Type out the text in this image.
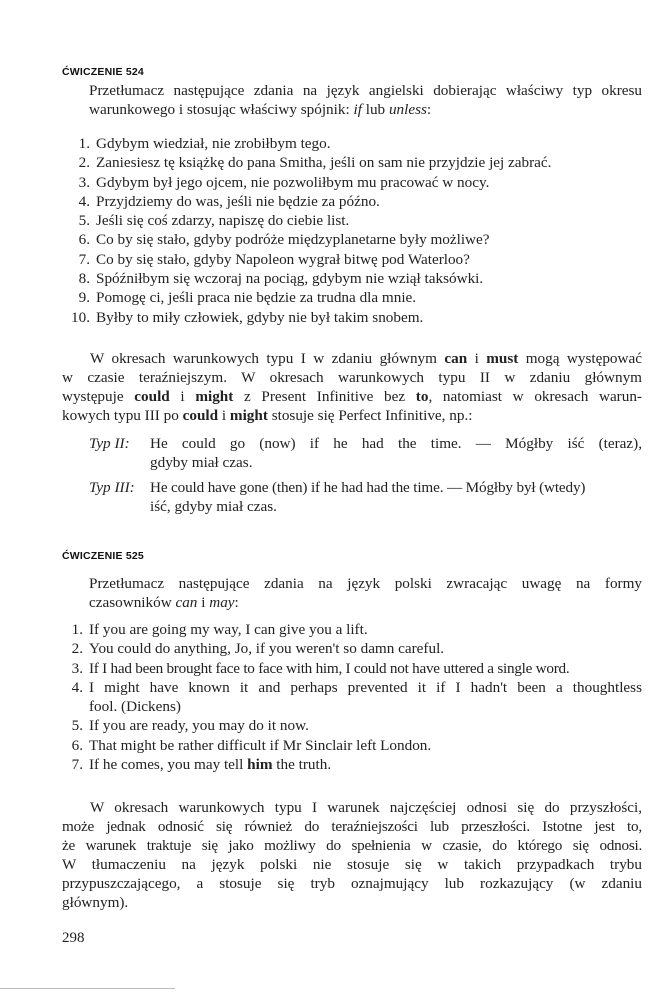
ĆWICZENIE 524
Przetłumacz następujące zdania na język angielski dobierając właściwy typ okresu
warunkowego i stosując właściwy spójnik: if lub unless:
1. Gdybym wiedział, nie zrobiłbym tego.
2. Zaniesiesz tę książkę do pana Smitha, jeśli on sam nie przyjdzie jej zabrać.
3. Gdybym był jego ojcem, nie pozwoliłbym mu pracować w nocy.
4. Przyjdziemy do was, jeśli nie będzie za późno.
5. Jeśli się coś zdarzy, napiszę do ciebie list.
6. Co by się stało, gdyby podróże międzyplanetarne były możliwe?
7. Co by się stało, gdyby Napoleon wygrał bitwę pod Waterloo?
8. Spóźniłbym się wczoraj na pociąg, gdybym nie wziął taksówki.
9. Pomogę ci, jeśli praca nie będzie za trudna dla mnie.
10. Byłby to miły człowiek, gdyby nie był takim snobem.
W okresach warunkowych typu I w zdaniu głównym can i must mogą występować
w czasie teraźniejszym. W okresach warunkowych typu II w zdaniu głównym
występuje could i might z Present Infinitive bez to, natomiast w okresach warun-
kowych typu III po could i might stosuje się Perfect Infinitive, np.:
Typ II: He could go (now) if he had the time. — Mógłby iść (teraz),
gdyby miał czas.
Typ III: He could have gone (then) if he had had the time. — Mógłby był (wtedy)
iść, gdyby miał czas.
ĆWICZENIE 525
Przetłumacz następujące zdania na język polski zwracając uwagę na formy
czasowników can i may:
1. If you are going my way, I can give you a lift.
2. You could do anything, Jo, if you weren't so damn careful.
3. If I had been brought face to face with him, I could not have uttered a single word.
4. I might have known it and perhaps prevented it if I hadn't been a thoughtless
fool. (Dickens)
5. If you are ready, you may do it now.
6. That might be rather difficult if Mr Sinclair left London.
7. If he comes, you may tell him the truth.
W okresach warunkowych typu I warunek najczęściej odnosi się do przyszłości,
może jednak odnosić się również do teraźniejszości lub przeszłości. Istotne jest to,
że warunek traktuje się jako możliwy do spełnienia w czasie, do którego się odnosi.
W tłumaczeniu na język polski nie stosuje się w takich przypadkach trybu
przypuszczającego, a stosuje się tryb oznajmujący lub rozkazujący (w zdaniu
głównym).
298
